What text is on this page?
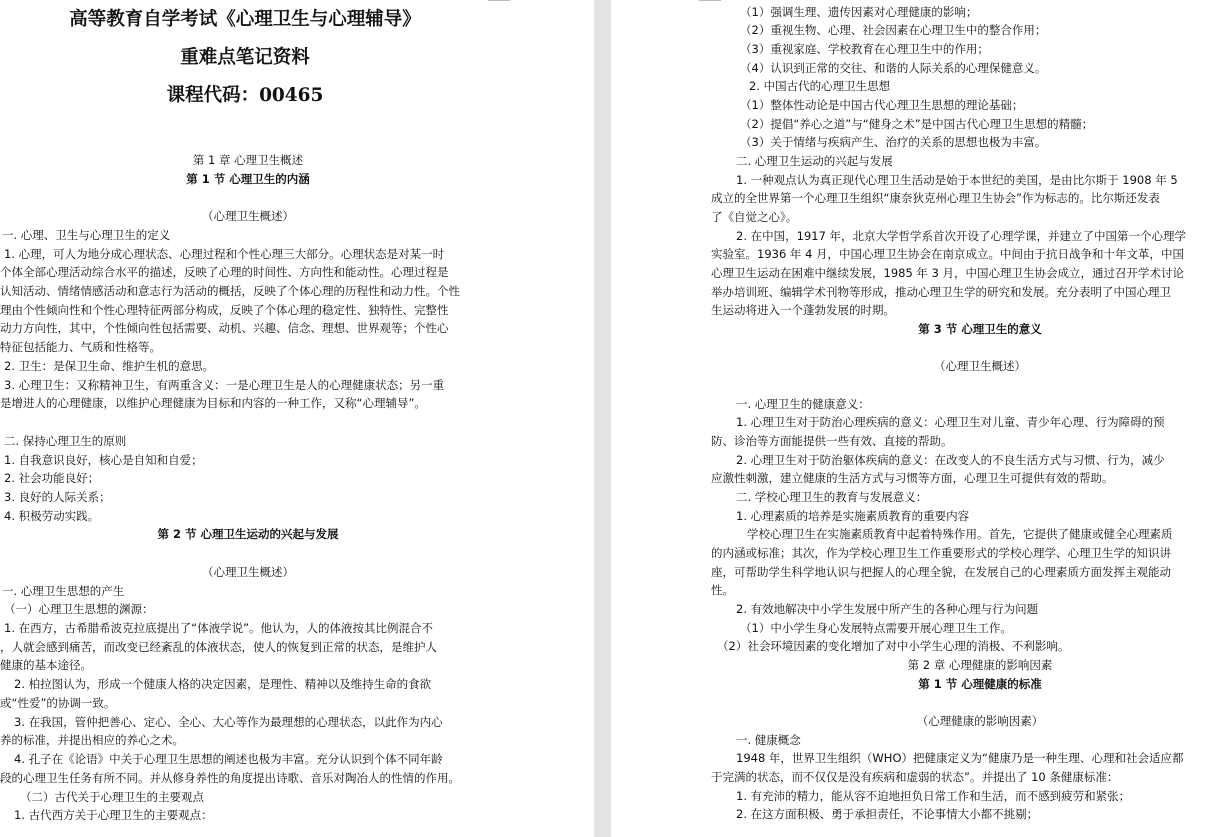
高等教育自学考试《心理卫生与心理辅导》
重难点笔记资料
课程代码：00465
第 1 章 心理卫生概述
第 1 节 心理卫生的内涵
（心理卫生概述）
一. 心理、卫生与心理卫生的定义
1. 心理，可人为地分成心理状态、心理过程和个性心理三大部分。心理状态是对某一时
个体全部心理活动综合水平的描述，反映了心理的时间性、方向性和能动性。心理过程是
认知活动、情绪情感活动和意志行为活动的概括，反映了个体心理的历程性和动力性。个性
理由个性倾向性和个性心理特征两部分构成，反映了个体心理的稳定性、独特性、完整性
动力方向性，其中，个性倾向性包括需要、动机、兴趣、信念、理想、世界观等；个性心
特征包括能力、气质和性格等。
2. 卫生：是保卫生命、维护生机的意思。
3. 心理卫生：又称精神卫生，有两重含义：一是心理卫生是人的心理健康状态；另一重
是增进人的心理健康，以维护心理健康为目标和内容的一种工作，又称“心理辅导”。
二. 保持心理卫生的原则
1. 自我意识良好，核心是自知和自爱；
2. 社会功能良好；
3. 良好的人际关系；
4. 积极劳动实践。
第 2 节 心理卫生运动的兴起与发展
（心理卫生概述）
一. 心理卫生思想的产生
（一）心理卫生思想的渊源：
1. 在西方，古希腊希波克拉底提出了“体液学说”。他认为，人的体液按其比例混合不
，人就会感到痛苦，而改变已经紊乱的体液状态，使人的恢复到正常的状态，是维护人
健康的基本途径。
2. 柏拉图认为，形成一个健康人格的决定因素，是理性、精神以及维持生命的食欲
或“性爱”的协调一致。
3. 在我国，管仲把善心、定心、全心、大心等作为最理想的心理状态，以此作为内心
养的标准，并提出相应的养心之术。
4. 孔子在《论语》中关于心理卫生思想的阐述也极为丰富。充分认识到个体不同年龄
段的心理卫生任务有所不同。并从修身养性的角度提出诗歌、音乐对陶冶人的性情的作用。
（二）古代关于心理卫生的主要观点
1. 古代西方关于心理卫生的主要观点：
（1）强调生理、遗传因素对心理健康的影响；
（2）重视生物、心理、社会因素在心理卫生中的整合作用；
（3）重视家庭、学校教育在心理卫生中的作用；
（4）认识到正常的交往、和谐的人际关系的心理保健意义。
2. 中国古代的心理卫生思想
（1）整体性动论是中国古代心理卫生思想的理论基础；
（2）提倡“养心之道”与“健身之术”是中国古代心理卫生思想的精髓；
（3）关于情绪与疾病产生、治疗的关系的思想也极为丰富。
二. 心理卫生运动的兴起与发展
1. 一种观点认为真正现代心理卫生活动是始于本世纪的美国，是由比尔斯于 1908 年 5
成立的全世界第一个心理卫生组织“康奈狄克州心理卫生协会”作为标志的。比尔斯还发表
了《自觉之心》。
2. 在中国，1917 年，北京大学哲学系首次开设了心理学课，并建立了中国第一个心理学
实验室。1936 年 4 月，中国心理卫生协会在南京成立。中间由于抗日战争和十年文革，中国
心理卫生运动在困难中继续发展，1985 年 3 月，中国心理卫生协会成立，通过召开学术讨论
举办培训班、编辑学术刊物等形成，推动心理卫生学的研究和发展。充分表明了中国心理卫
生运动将进入一个蓬勃发展的时期。
第 3 节 心理卫生的意义
（心理卫生概述）
一. 心理卫生的健康意义：
1. 心理卫生对于防治心理疾病的意义：心理卫生对儿童、青少年心理、行为障碍的预
防、诊治等方面能提供一些有效、直接的帮助。
2. 心理卫生对于防治躯体疾病的意义：在改变人的不良生活方式与习惯、行为，减少
应激性刺激，建立健康的生活方式与习惯等方面，心理卫生可提供有效的帮助。
二. 学校心理卫生的教育与发展意义：
1. 心理素质的培养是实施素质教育的重要内容
学校心理卫生在实施素质教育中起着特殊作用。首先，它提供了健康或健全心理素质
的内涵或标准；其次，作为学校心理卫生工作重要形式的学校心理学、心理卫生学的知识讲
座，可帮助学生科学地认识与把握人的心理全貌，在发展自己的心理素质方面发挥主观能动
性。
2. 有效地解决中小学生发展中所产生的各种心理与行为问题
（1）中小学生身心发展特点需要开展心理卫生工作。
（2）社会环境因素的变化增加了对中小学生心理的消极、不利影响。
第 2 章 心理健康的影响因素
第 1 节 心理健康的标准
（心理健康的影响因素）
一. 健康概念
1948 年，世界卫生组织（WHO）把健康定义为“健康乃是一种生理、心理和社会适应都
于完满的状态，而不仅仅是没有疾病和虚弱的状态”。并提出了 10 条健康标准：
1. 有充沛的精力，能从容不迫地担负日常工作和生活，而不感到疲劳和紧张；
2. 在这方面积极、勇于承担责任，不论事情大小都不挑剔；
